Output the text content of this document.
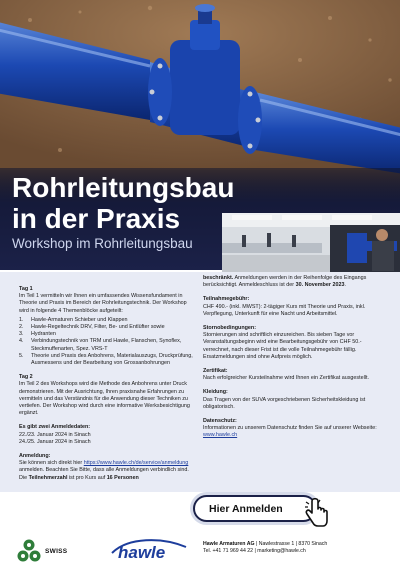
Rohrleitungsbau
in der Praxis
Workshop im Rohrleitungsbau
Tag 1
Im Teil 1 vermitteln wir Ihnen ein umfassendes Wissensfundament in Theorie und Praxis im Bereich der Rohrleitungstechnik. Der Workshop wird in folgende 4 Themenblöcke aufgeteilt:
1.	Hawle-Armaturen Schieber und Klappen
2.	Hawle-Regeltechnik DRV, Filter, Be- und Entlüfter sowie
3.	Hydranten
4.	Verbindungstechnik von TRM und Hawle, Flanschen, Synoflex, Steckmuffenarten, Spez. VRS-T
5.	Theorie und Praxis des Anbohrens, Materialauszugs, Druckprüfung, Ausmessens und der Bearbeitung von Grossanbohrungen
Tag 2
Im Teil 2 des Workshops wird die Methode des Anbohrens unter Druck demonstrieren. Mit der Ausrichtung, Ihren praxisnahe Erfahrungen zu vermitteln und das Verständnis für die Anwendung dieser Techniken zu vertiefen. Der Workshop wird durch eine informative Werksbesichtigung ergänzt.
Es gibt zwei Anmeldedaten:
22./23. Januar 2024 in Sinach
24./25. Januar 2024 in Sinach
Anmeldung:
Sie können sich direkt hier https://www.hawle.ch/de/service/anmeldung anmelden. Beachten Sie Bitte, dass alle Anmeldungen verbindlich sind. Die Teilnehmerzahl ist pro Kurs auf 16 Personen
beschränkt. Anmeldungen werden in der Reihenfolge des Eingangs berücksichtigt. Anmeldeschluss ist der 30. November 2023.
Teilnahmegebühr:
CHF 490.- (inkl. MWST): 2-tägiger Kurs mit Theorie und Praxis, inkl. Verpflegung, Unterkunft für eine Nacht und Arbeitsmittel.
Stornobedingungen:
Stornierungen sind schriftlich einzureichen. Bis sieben Tage vor Veranstaltungsbeginn wird eine Bearbeitungsgebühr von CHF 50.- verrechnet, nach dieser Frist ist die volle Teilnahmegebühr fällig. Ersatzmeldungen sind ohne Aufpreis möglich.
Zertifikat:
Nach erfolgreicher Kursteilnahme wird Ihnen ein Zertifikat ausgestellt.
Kleidung:
Das Tragen von der SUVA vorgeschriebenen Sicherheitskleidung ist obligatorisch.
Datenschutz:
Informationen zu unserem Datenschutz finden Sie auf unserer Webseite: www.hawle.ch
Hier Anmelden
SWISS	hawle	Hawle Armaturen AG | Nawlestrasse 1 | 8370 Sinach
Tel. +41 71 969 44 22 | marketing@hawle.ch
